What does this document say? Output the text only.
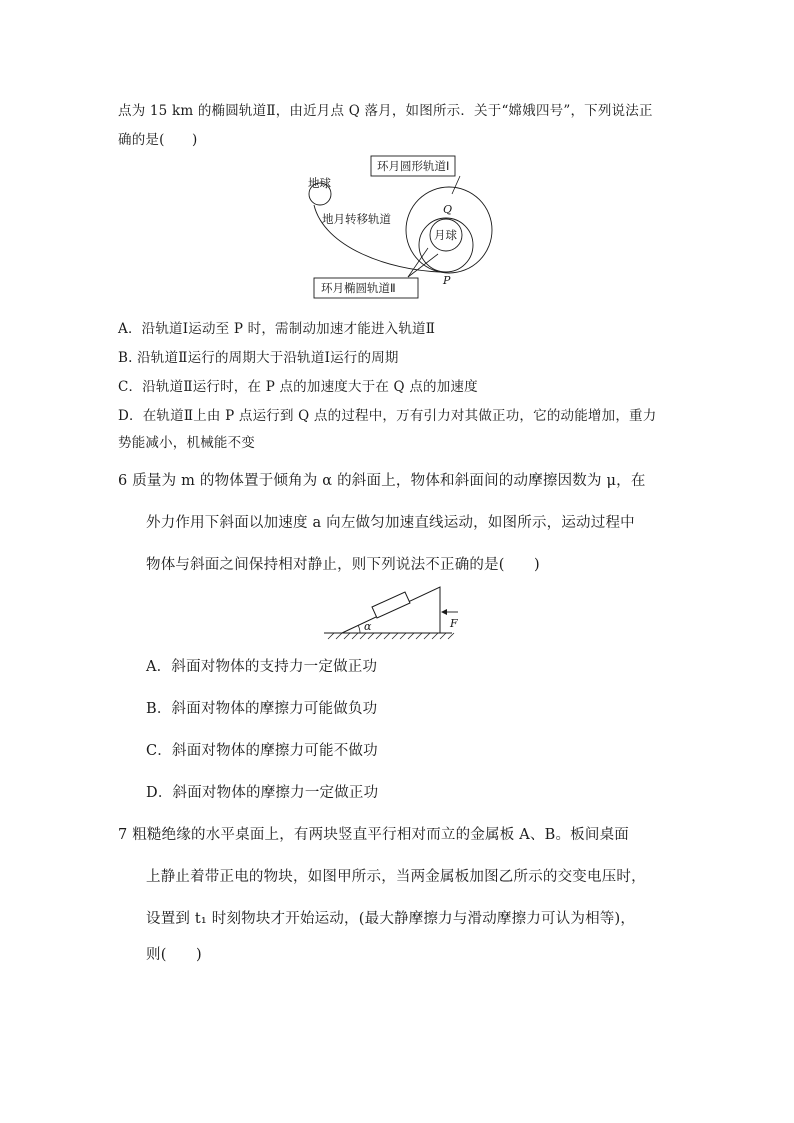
点为 15 km 的椭圆轨道Ⅱ，由近月点 Q 落月，如图所示．关于“嫦娥四号”，下列说法正
确的是(　　)
环月圆形轨道Ⅰ
地球
地月转移轨道
月球
Q
P
环月椭圆轨道Ⅱ
A．沿轨道Ⅰ运动至 P 时，需制动加速才能进入轨道Ⅱ
B. 沿轨道Ⅱ运行的周期大于沿轨道Ⅰ运行的周期
C．沿轨道Ⅱ运行时，在 P 点的加速度大于在 Q 点的加速度
D．在轨道Ⅱ上由 P 点运行到 Q 点的过程中，万有引力对其做正功，它的动能增加，重力
势能减小，机械能不变
6 质量为 m 的物体置于倾角为 α 的斜面上，物体和斜面间的动摩擦因数为 μ，在
外力作用下斜面以加速度 a 向左做匀加速直线运动，如图所示，运动过程中
物体与斜面之间保持相对静止，则下列说法不正确的是(　　)
α	F
A．斜面对物体的支持力一定做正功
B．斜面对物体的摩擦力可能做负功
C．斜面对物体的摩擦力可能不做功
D．斜面对物体的摩擦力一定做正功
7 粗糙绝缘的水平桌面上，有两块竖直平行相对而立的金属板 A、B。板间桌面
上静止着带正电的物块，如图甲所示，当两金属板加图乙所示的交变电压时，
设置到 t₁ 时刻物块才开始运动，(最大静摩擦力与滑动摩擦力可认为相等)，
则(　　)
